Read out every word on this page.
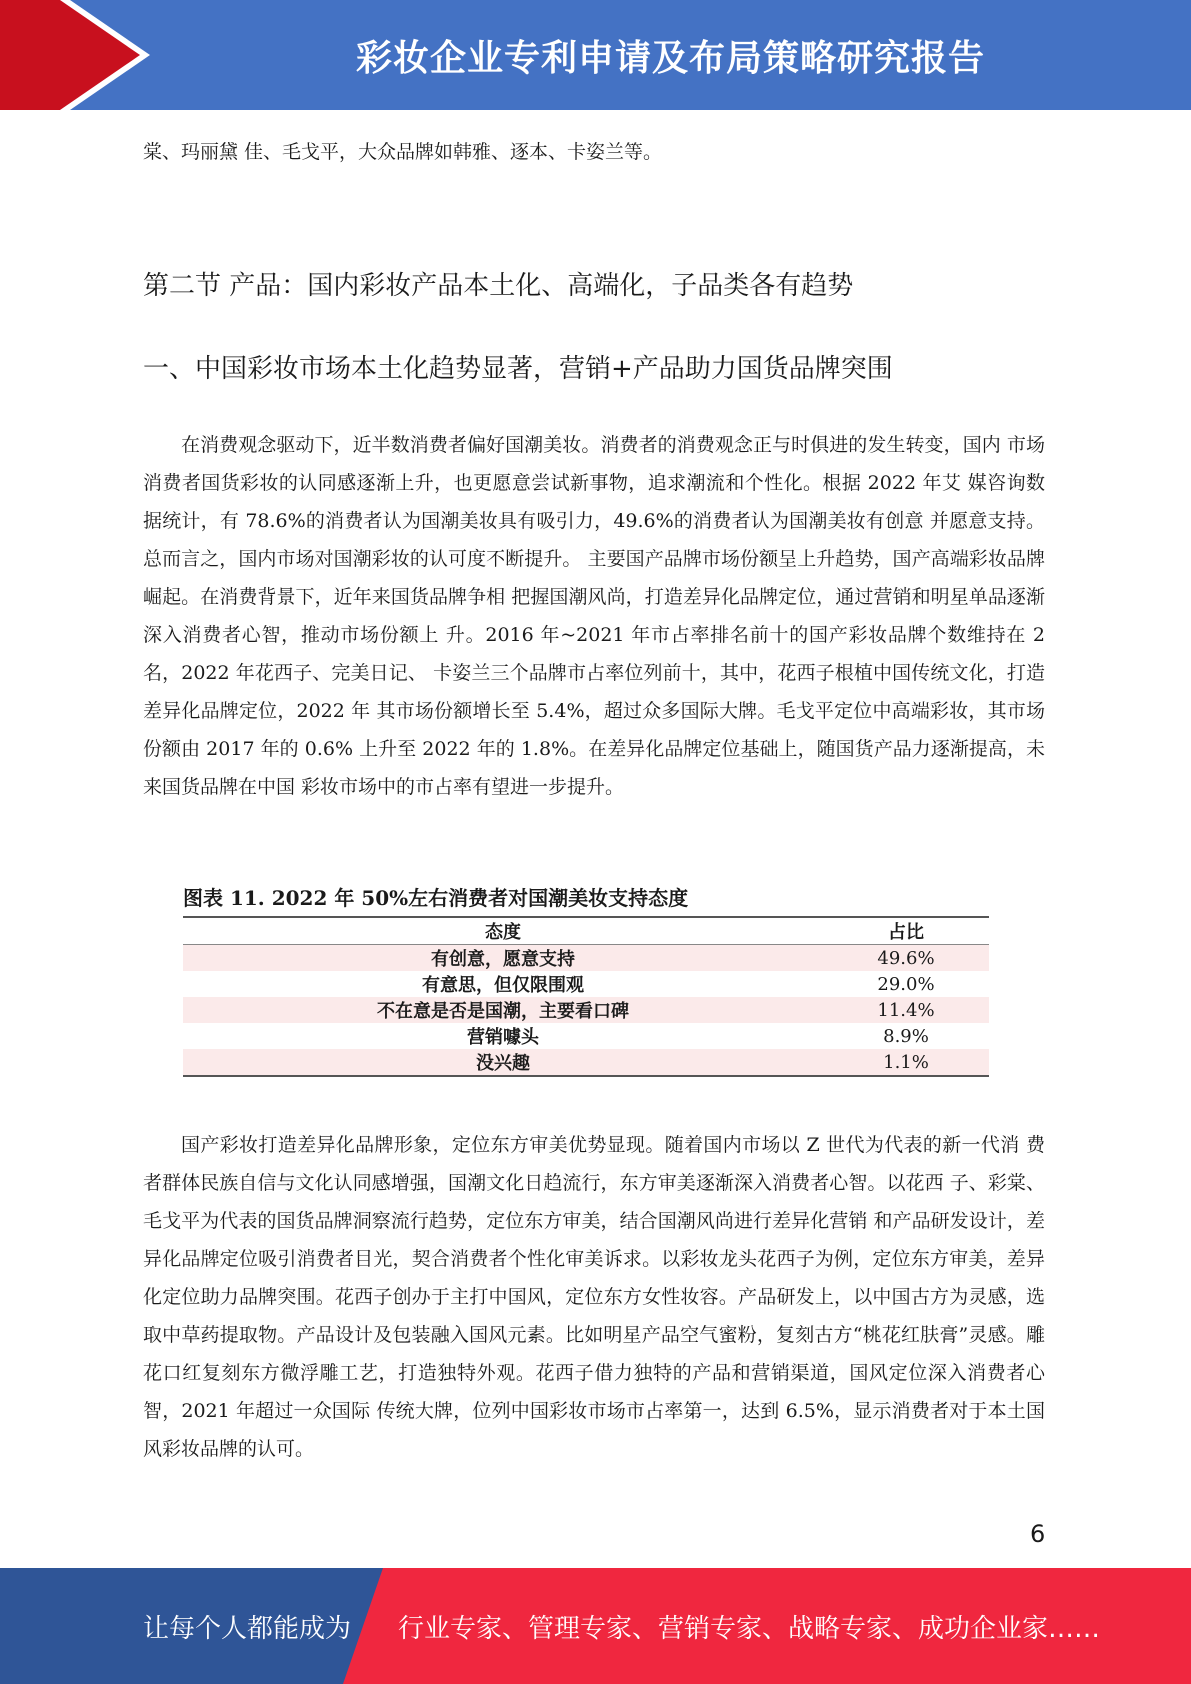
彩妆企业专利申请及布局策略研究报告

棠、玛丽黛 佳、毛戈平，大众品牌如韩雅、逐本、卡姿兰等。

第二节 产品：国内彩妆产品本土化、高端化，子品类各有趋势
一、中国彩妆市场本土化趋势显著，营销+产品助力国货品牌突围

在消费观念驱动下，近半数消费者偏好国潮美妆。消费者的消费观念正与时俱进的发生转变，国内 市场消费者国货彩妆的认同感逐渐上升，也更愿意尝试新事物，追求潮流和个性化。根据 2022 年艾 媒咨询数据统计，有 78.6%的消费者认为国潮美妆具有吸引力，49.6%的消费者认为国潮美妆有创意 并愿意支持。总而言之，国内市场对国潮彩妆的认可度不断提升。 主要国产品牌市场份额呈上升趋势，国产高端彩妆品牌崛起。在消费背景下，近年来国货品牌争相 把握国潮风尚，打造差异化品牌定位，通过营销和明星单品逐渐深入消费者心智，推动市场份额上 升。2016 年~2021 年市占率排名前十的国产彩妆品牌个数维持在 2 名，2022 年花西子、完美日记、 卡姿兰三个品牌市占率位列前十，其中，花西子根植中国传统文化，打造差异化品牌定位，2022 年 其市场份额增长至 5.4%，超过众多国际大牌。毛戈平定位中高端彩妆，其市场份额由 2017 年的 0.6% 上升至 2022 年的 1.8%。在差异化品牌定位基础上，随国货产品力逐渐提高，未来国货品牌在中国 彩妆市场中的市占率有望进一步提升。

图表 11. 2022 年 50%左右消费者对国潮美妆支持态度

态度	占比
有创意，愿意支持	49.6%
有意思，但仅限围观	29.0%
不在意是否是国潮，主要看口碑	11.4%
营销噱头	8.9%
没兴趣	1.1%

国产彩妆打造差异化品牌形象，定位东方审美优势显现。随着国内市场以 Z 世代为代表的新一代消 费者群体民族自信与文化认同感增强，国潮文化日趋流行，东方审美逐渐深入消费者心智。以花西 子、彩棠、毛戈平为代表的国货品牌洞察流行趋势，定位东方审美，结合国潮风尚进行差异化营销 和产品研发设计，差异化品牌定位吸引消费者目光，契合消费者个性化审美诉求。以彩妆龙头花西子为例，定位东方审美，差异化定位助力品牌突围。花西子创办于主打中国风，定位东方女性妆容。产品研发上，以中国古方为灵感，选取中草药提取物。产品设计及包装融入国风元素。比如明星产品空气蜜粉，复刻古方“桃花红肤膏”灵感。雕花口红复刻东方微浮雕工艺，打造独特外观。花西子借力独特的产品和营销渠道，国风定位深入消费者心智，2021 年超过一众国际 传统大牌，位列中国彩妆市场市占率第一，达到 6.5%，显示消费者对于本土国风彩妆品牌的认可。

6
让每个人都能成为 行业专家、管理专家、营销专家、战略专家、成功企业家……
